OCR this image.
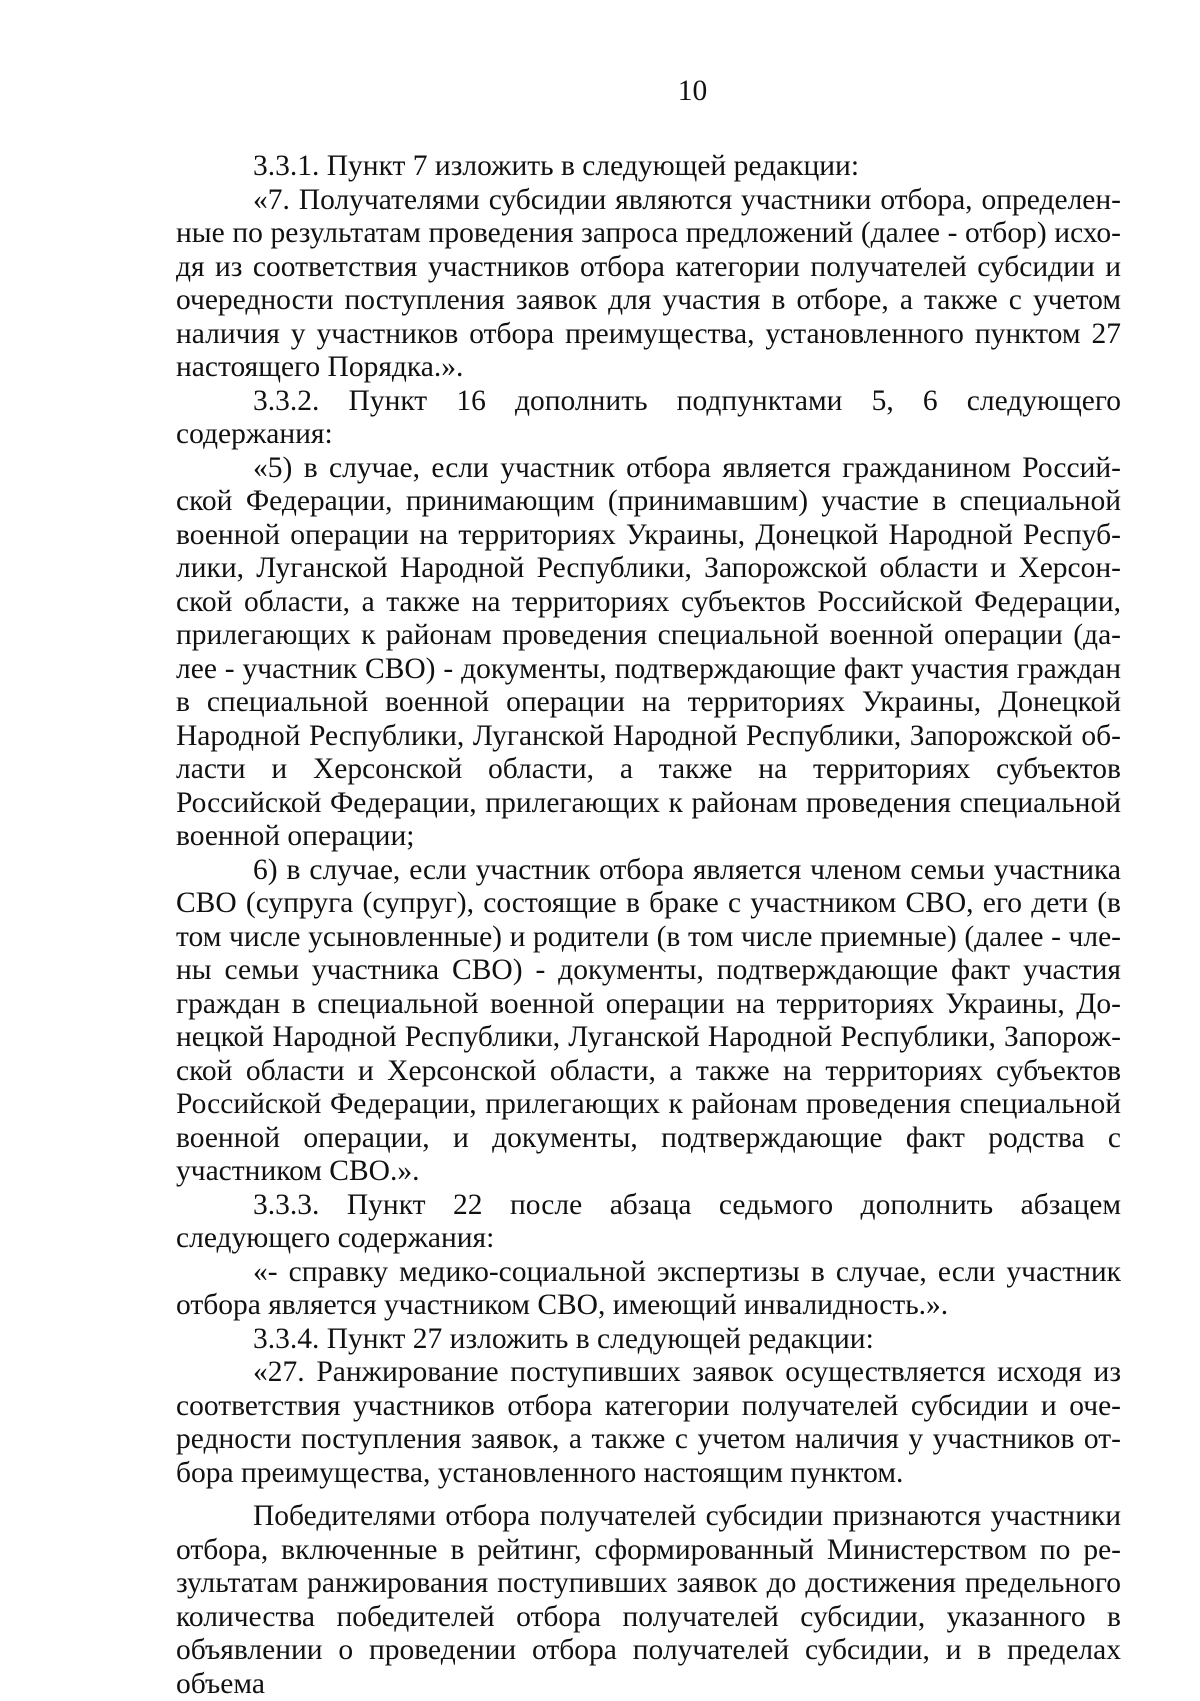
10

3.3.1. Пункт 7 изложить в следующей редакции:

«7. Получателями субсидии являются участники отбора, определенные по результатам проведения запроса предложений (далее - отбор) исходя из соответствия участников отбора категории получателей субсидии и очередности поступления заявок для участия в отборе, а также с учетом наличия у участников отбора преимущества, установленного пунктом 27 настоящего Порядка.».

3.3.2. Пункт 16 дополнить подпунктами 5, 6 следующего содержания:

«5) в случае, если участник отбора является гражданином Российской Федерации, принимающим (принимавшим) участие в специальной военной операции на территориях Украины, Донецкой Народной Республики, Луганской Народной Республики, Запорожской области и Херсонской области, а также на территориях субъектов Российской Федерации, прилегающих к районам проведения специальной военной операции (далее - участник СВО) - документы, подтверждающие факт участия граждан в специальной военной операции на территориях Украины, Донецкой Народной Республики, Луганской Народной Республики, Запорожской области и Херсонской области, а также на территориях субъектов Российской Федерации, прилегающих к районам проведения специальной военной операции;

6) в случае, если участник отбора является членом семьи участника СВО (супруга (супруг), состоящие в браке с участником СВО, его дети (в том числе усыновленные) и родители (в том числе приемные) (далее - члены семьи участника СВО) - документы, подтверждающие факт участия граждан в специальной военной операции на территориях Украины, Донецкой Народной Республики, Луганской Народной Республики, Запорожской области и Херсонской области, а также на территориях субъектов Российской Федерации, прилегающих к районам проведения специальной военной операции, и документы, подтверждающие факт родства с участником СВО.».

3.3.3. Пункт 22 после абзаца седьмого дополнить абзацем следующего содержания:

«- справку медико-социальной экспертизы в случае, если участник отбора является участником СВО, имеющий инвалидность.».

3.3.4. Пункт 27 изложить в следующей редакции:

«27. Ранжирование поступивших заявок осуществляется исходя из соответствия участников отбора категории получателей субсидии и очередности поступления заявок, а также с учетом наличия у участников отбора преимущества, установленного настоящим пунктом.

Победителями отбора получателей субсидии признаются участники отбора, включенные в рейтинг, сформированный Министерством по результатам ранжирования поступивших заявок до достижения предельного количества победителей отбора получателей субсидии, указанного в объявлении о проведении отбора получателей субсидии, и в пределах объема
